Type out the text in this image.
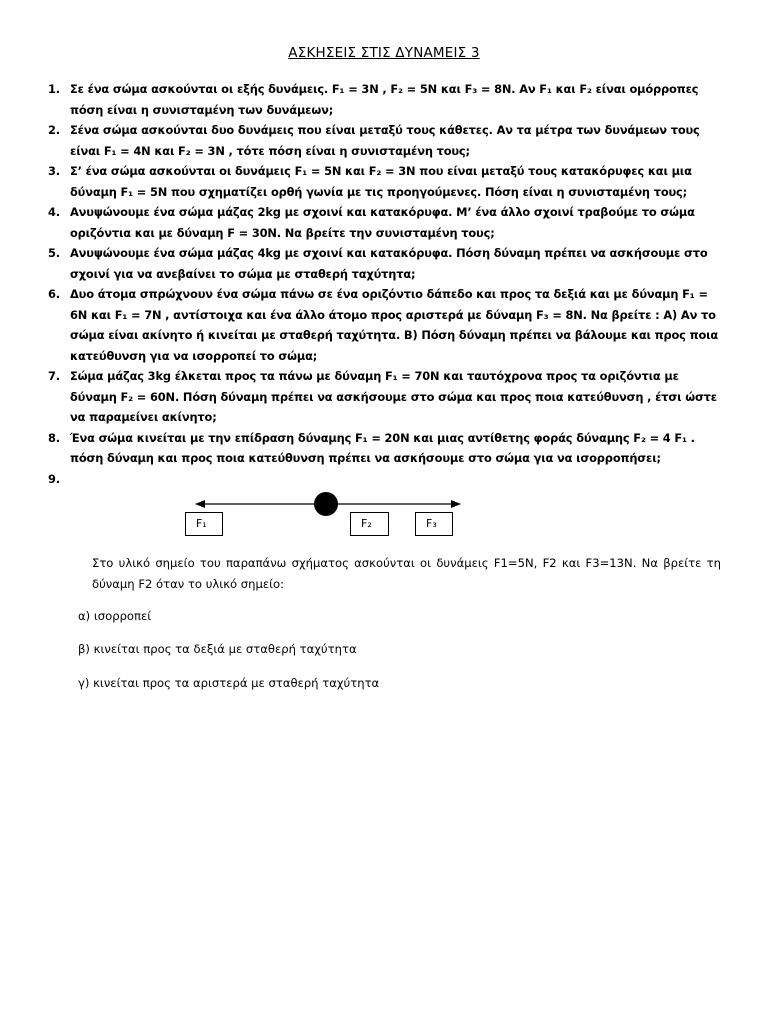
ΑΣΚΗΣΕΙΣ ΣΤΙΣ ΔΥΝΑΜΕΙΣ 3
1. Σε ένα σώμα ασκούνται οι εξής δυνάμεις. F₁ = 3N , F₂ = 5N και F₃ = 8N. Αν F₁ και F₂ είναι ομόρροπες πόση είναι η συνισταμένη των δυνάμεων;
2. Σένα σώμα ασκούνται δυο δυνάμεις που είναι μεταξύ τους κάθετες. Αν τα μέτρα των δυνάμεων τους είναι F₁ = 4N και F₂ = 3N , τότε πόση είναι η συνισταμένη τους;
3. Σ’ ένα σώμα ασκούνται οι δυνάμεις F₁ = 5N και F₂ = 3N που είναι μεταξύ τους κατακόρυφες και μια δύναμη F₁ = 5N που σχηματίζει ορθή γωνία με τις προηγούμενες. Πόση είναι η συνισταμένη τους;
4. Ανυψώνουμε ένα σώμα μάζας 2kg με σχοινί και κατακόρυφα. Μ’ ένα άλλο σχοινί τραβούμε το σώμα οριζόντια και με δύναμη F = 30N. Να βρείτε την συνισταμένη τους;
5. Ανυψώνουμε ένα σώμα μάζας 4kg με σχοινί και κατακόρυφα. Πόση δύναμη πρέπει να ασκήσουμε στο σχοινί για να ανεβαίνει το σώμα με σταθερή ταχύτητα;
6. Δυο άτομα σπρώχνουν ένα σώμα πάνω σε ένα οριζόντιο δάπεδο και προς τα δεξιά και με δύναμη F₁ = 6N και F₁ = 7N , αντίστοιχα και ένα άλλο άτομο προς αριστερά με δύναμη F₃ = 8N. Να βρείτε : Α) Αν το σώμα είναι ακίνητο ή κινείται με σταθερή ταχύτητα. Β) Πόση δύναμη πρέπει να βάλουμε και προς ποια κατεύθυνση για να ισορροπεί το σώμα;
7. Σώμα μάζας 3kg έλκεται προς τα πάνω με δύναμη F₁ = 70N και ταυτόχρονα προς τα οριζόντια με δύναμη F₂ = 60N. Πόση δύναμη πρέπει να ασκήσουμε στο σώμα και προς ποια κατεύθυνση , έτσι ώστε να παραμείνει ακίνητο;
8. Ένα σώμα κινείται με την επίδραση δύναμης F₁ = 20N και μιας αντίθετης φοράς δύναμης F₂ = 4 F₁ . πόση δύναμη και προς ποια κατεύθυνση πρέπει να ασκήσουμε στο σώμα για να ισορροπήσει;
9.
F₁	F₂	F₃
Στο υλικό σημείο του παραπάνω σχήματος ασκούνται οι δυνάμεις F1=5N, F2 και F3=13N. Να βρείτε τη δύναμη F2 όταν το υλικό σημείο:
α) ισορροπεί
β) κινείται προς τα δεξιά με σταθερή ταχύτητα
γ) κινείται προς τα αριστερά με σταθερή ταχύτητα
